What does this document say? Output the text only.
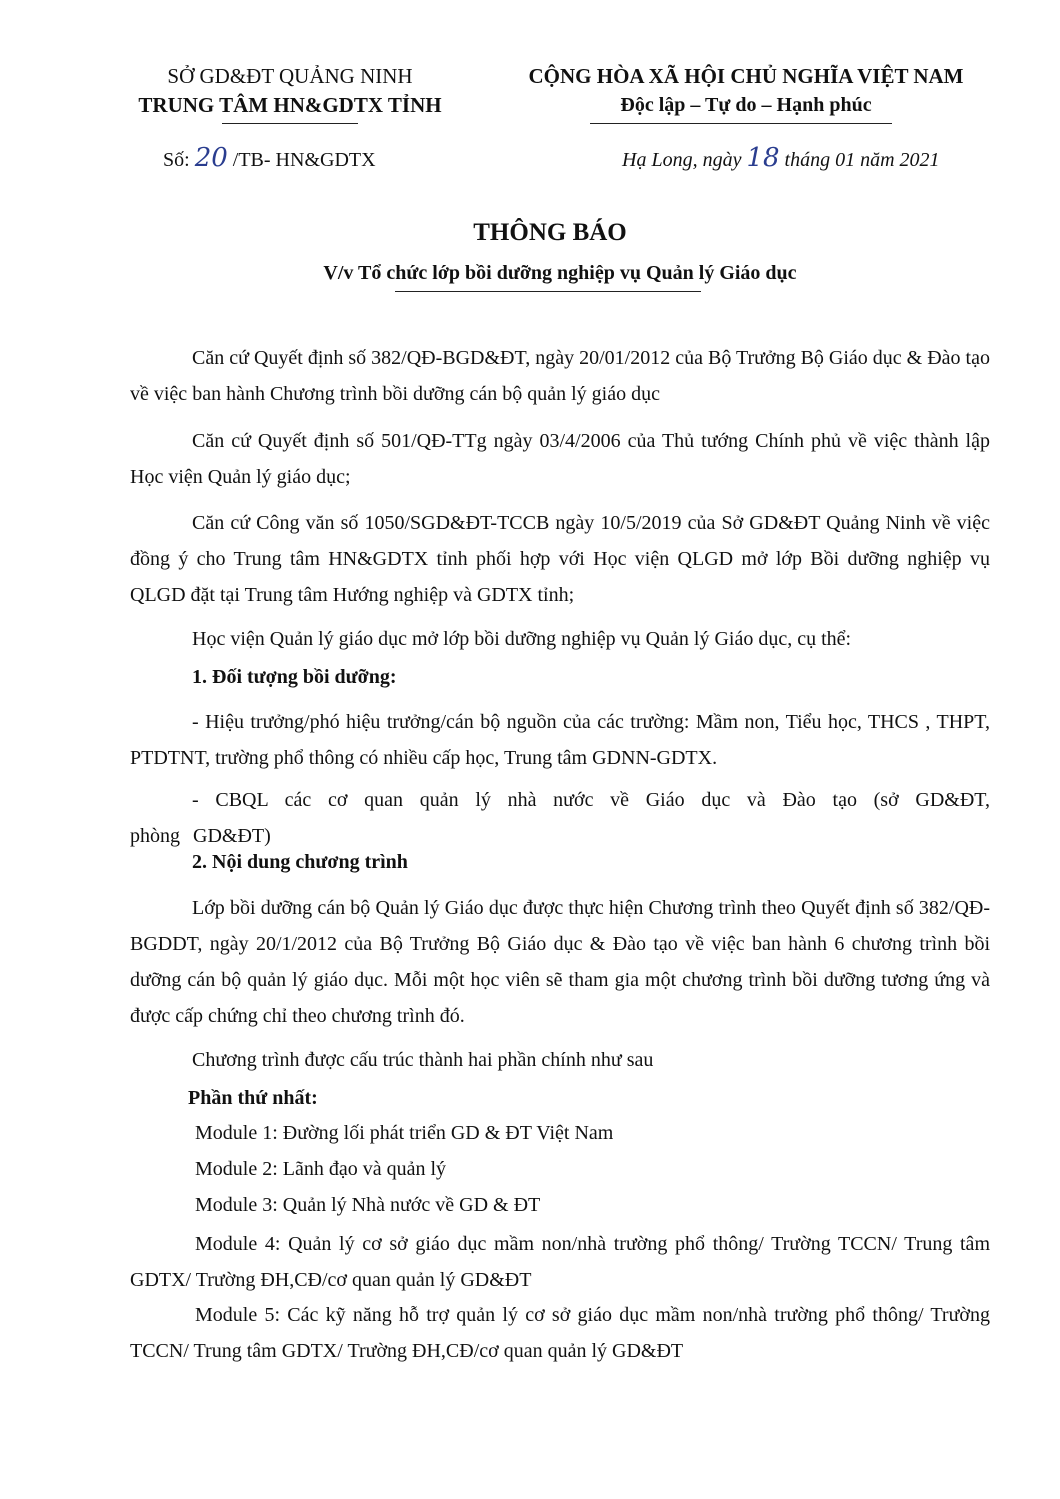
SỞ GD&ĐT QUẢNG NINH
TRUNG TÂM HN&GDTX TỈNH
CỘNG HÒA XÃ HỘI CHỦ NGHĨA VIỆT NAM
Độc lập – Tự do – Hạnh phúc
Số: 20 /TB- HN&GDTX	Hạ Long, ngày 18 tháng 01 năm 2021
THÔNG BÁO
V/v Tổ chức lớp bồi dưỡng nghiệp vụ Quản lý Giáo dục
Căn cứ Quyết định số 382/QĐ-BGD&ĐT, ngày 20/01/2012 của Bộ Trưởng Bộ Giáo dục & Đào tạo về việc ban hành Chương trình bồi dưỡng cán bộ quản lý giáo dục
Căn cứ Quyết định số 501/QĐ-TTg ngày 03/4/2006 của Thủ tướng Chính phủ về việc thành lập Học viện Quản lý giáo dục;
Căn cứ Công văn số 1050/SGD&ĐT-TCCB ngày 10/5/2019 của Sở GD&ĐT Quảng Ninh về việc đồng ý cho Trung tâm HN&GDTX tỉnh phối hợp với Học viện QLGD mở lớp Bồi dưỡng nghiệp vụ QLGD đặt tại Trung tâm Hướng nghiệp và GDTX tỉnh;
Học viện Quản lý giáo dục mở lớp bồi dưỡng nghiệp vụ Quản lý Giáo dục, cụ thể:
1. Đối tượng bồi dưỡng:
- Hiệu trưởng/phó hiệu trưởng/cán bộ nguồn của các trường: Mầm non, Tiểu học, THCS , THPT, PTDTNT, trường phổ thông có nhiều cấp học, Trung tâm GDNN-GDTX.
- CBQL các cơ quan quản lý nhà nước về Giáo dục và Đào tạo (sở GD&ĐT, phòng GD&ĐT)
2. Nội dung chương trình
Lớp bồi dưỡng cán bộ Quản lý Giáo dục được thực hiện Chương trình theo Quyết định số 382/QĐ-BGDDT, ngày 20/1/2012 của Bộ Trưởng Bộ Giáo dục & Đào tạo về việc ban hành 6 chương trình bồi dưỡng cán bộ quản lý giáo dục. Mỗi một học viên sẽ tham gia một chương trình bồi dưỡng tương ứng và được cấp chứng chỉ theo chương trình đó.
Chương trình được cấu trúc thành hai phần chính như sau
Phần thứ nhất:
Module 1: Đường lối phát triển GD & ĐT Việt Nam
Module 2: Lãnh đạo và quản lý
Module 3: Quản lý Nhà nước về GD & ĐT
Module 4: Quản lý cơ sở giáo dục mầm non/nhà trường phổ thông/ Trường TCCN/ Trung tâm GDTX/ Trường ĐH,CĐ/cơ quan quản lý GD&ĐT
Module 5: Các kỹ năng hỗ trợ quản lý cơ sở giáo dục mầm non/nhà trường phổ thông/ Trường TCCN/ Trung tâm GDTX/ Trường ĐH,CĐ/cơ quan quản lý GD&ĐT
